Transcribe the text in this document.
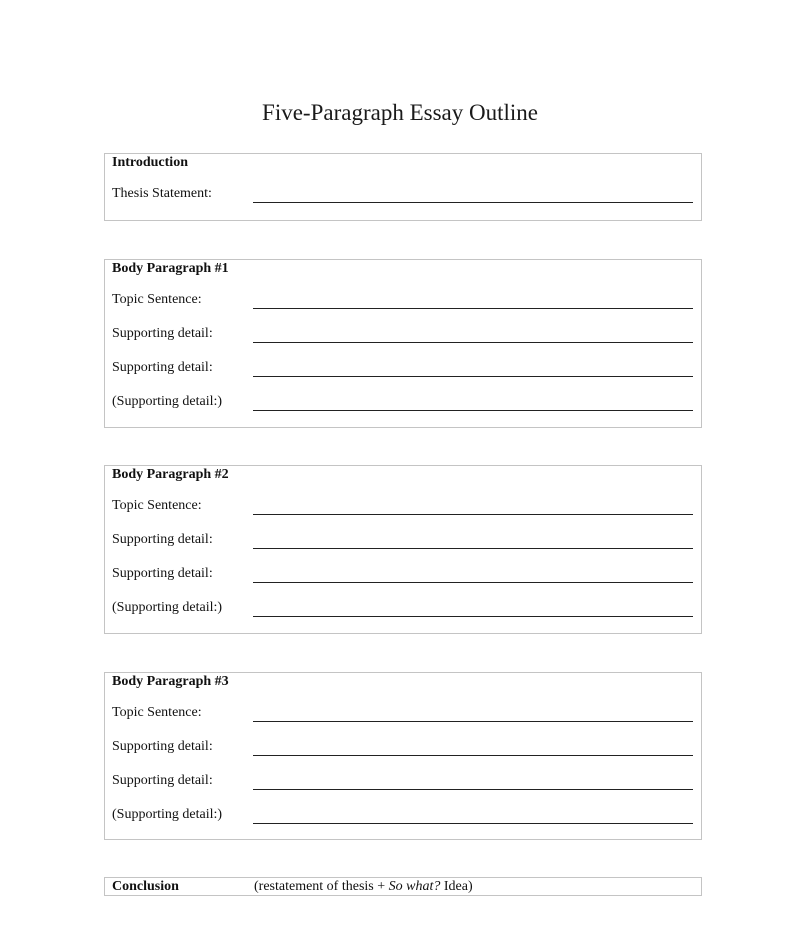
Five-Paragraph Essay Outline
Introduction
Thesis Statement:
Body Paragraph #1
Topic Sentence:
Supporting detail:
Supporting detail:
(Supporting detail:)
Body Paragraph #2
Topic Sentence:
Supporting detail:
Supporting detail:
(Supporting detail:)
Body Paragraph #3
Topic Sentence:
Supporting detail:
Supporting detail:
(Supporting detail:)
Conclusion	(restatement of thesis + So what? Idea)
